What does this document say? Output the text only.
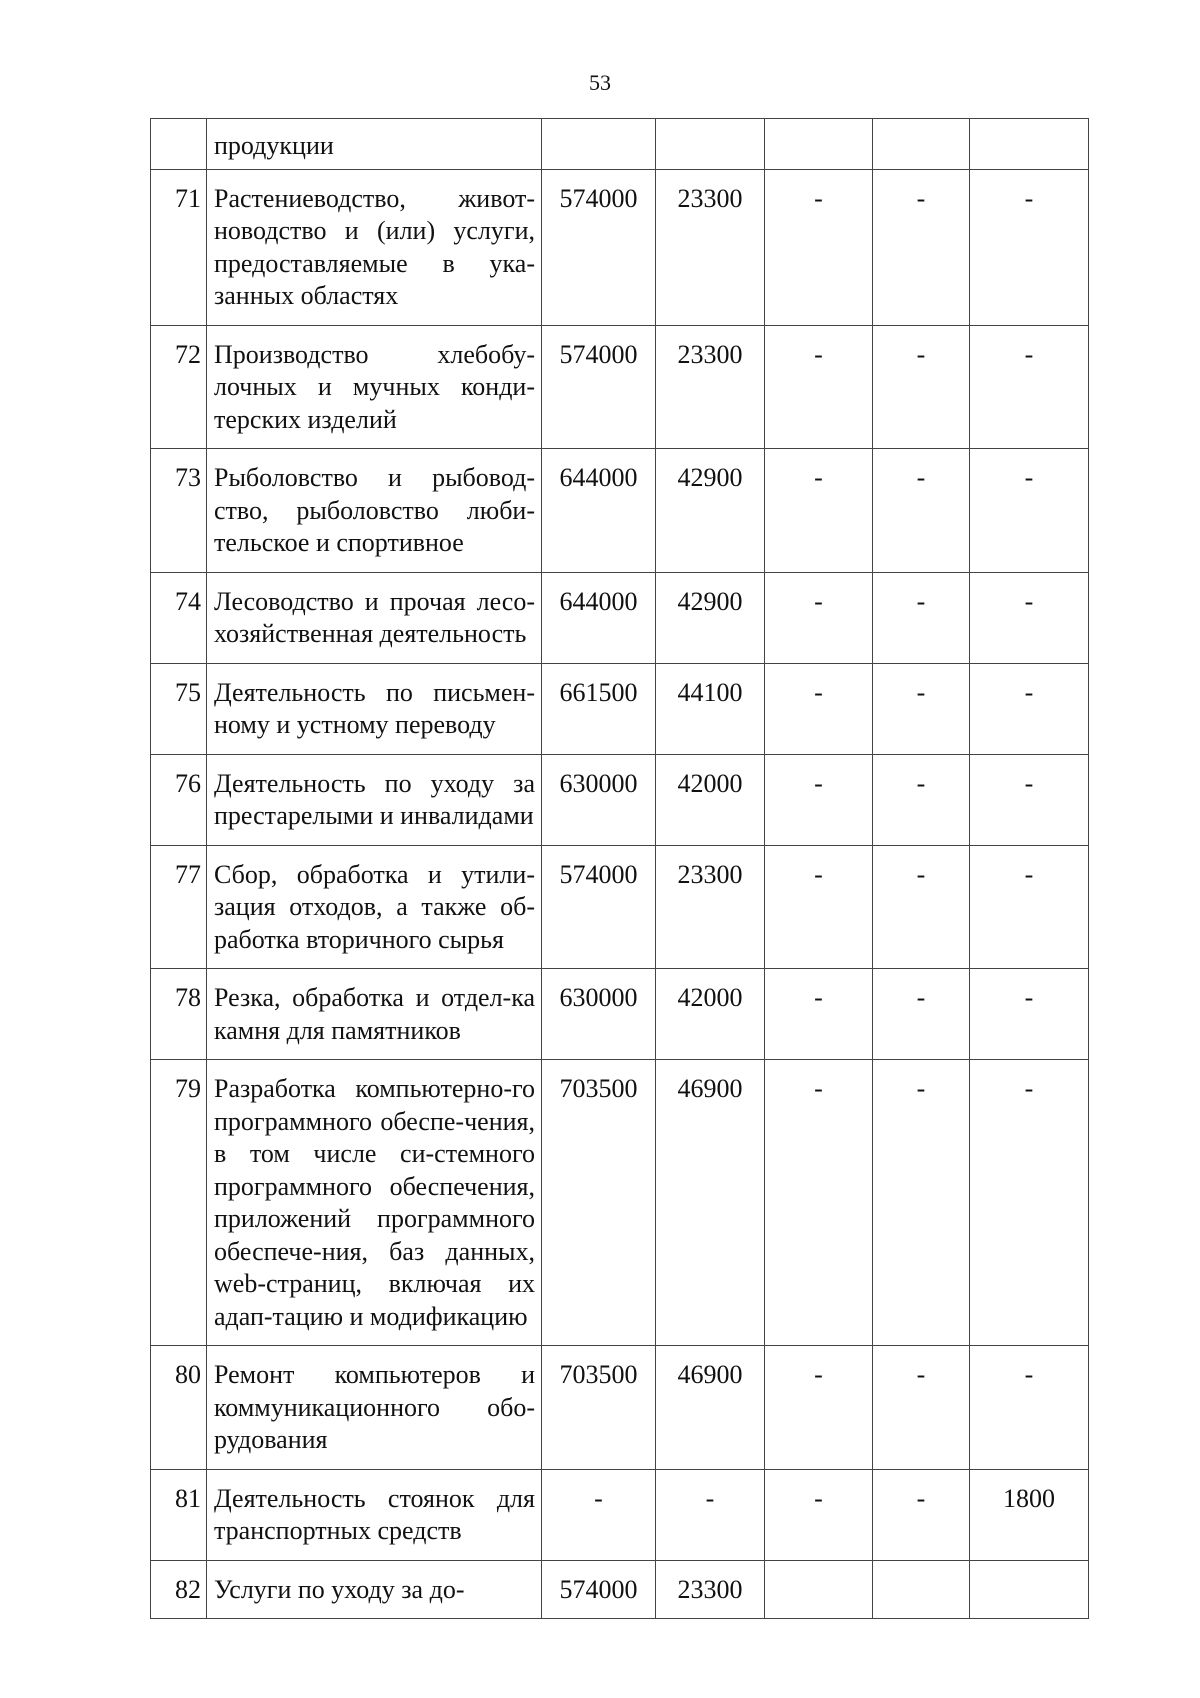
53
	продукции					
71	Растениеводство, живот-новодство и (или) услуги, предоставляемые в ука-занных областях	574000	23300	-	-	-
72	Производство хлебобу-лочных и мучных конди-терских изделий	574000	23300	-	-	-
73	Рыболовство и рыбовод-ство, рыболовство люби-тельское и спортивное	644000	42900	-	-	-
74	Лесоводство и прочая лесо-хозяйственная деятельность	644000	42900	-	-	-
75	Деятельность по письмен-ному и устному переводу	661500	44100	-	-	-
76	Деятельность по уходу за престарелыми и инвалидами	630000	42000	-	-	-
77	Сбор, обработка и утили-зация отходов, а также об-работка вторичного сырья	574000	23300	-	-	-
78	Резка, обработка и отдел-ка камня для памятников	630000	42000	-	-	-
79	Разработка компьютерно-го программного обеспе-чения, в том числе си-стемного программного обеспечения, приложений программного обеспече-ния, баз данных, web-страниц, включая их адап-тацию и модификацию	703500	46900	-	-	-
80	Ремонт компьютеров и коммуникационного обо-рудования	703500	46900	-	-	-
81	Деятельность стоянок для транспортных средств	-	-	-	-	1800
82	Услуги по уходу за до-	574000	23300			
